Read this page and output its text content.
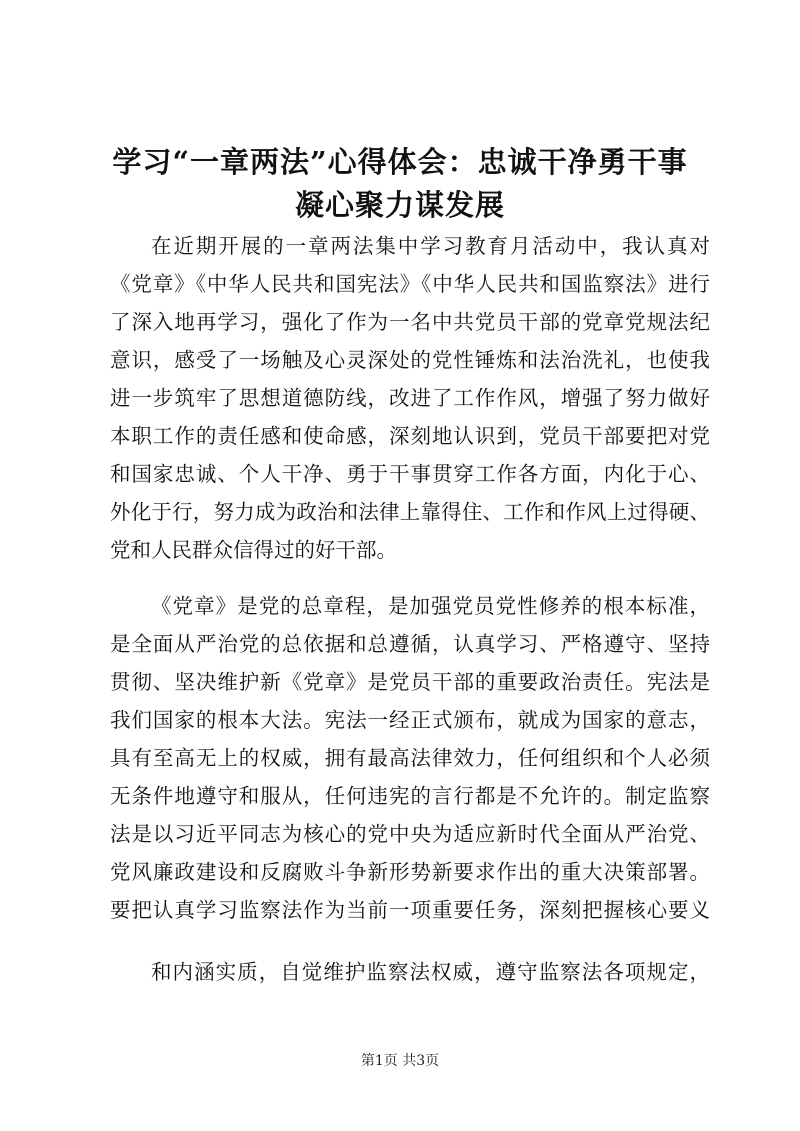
学习“一章两法”心得体会：忠诚干净勇干事
凝心聚力谋发展
在近期开展的一章两法集中学习教育月活动中，我认真对
《党章》《中华人民共和国宪法》《中华人民共和国监察法》进行
了深入地再学习，强化了作为一名中共党员干部的党章党规法纪
意识，感受了一场触及心灵深处的党性锤炼和法治洗礼，也使我
进一步筑牢了思想道德防线，改进了工作作风，增强了努力做好
本职工作的责任感和使命感，深刻地认识到，党员干部要把对党
和国家忠诚、个人干净、勇于干事贯穿工作各方面，内化于心、
外化于行，努力成为政治和法律上靠得住、工作和作风上过得硬、
党和人民群众信得过的好干部。
《党章》是党的总章程，是加强党员党性修养的根本标准，
是全面从严治党的总依据和总遵循，认真学习、严格遵守、坚持
贯彻、坚决维护新《党章》是党员干部的重要政治责任。宪法是
我们国家的根本大法。宪法一经正式颁布，就成为国家的意志，
具有至高无上的权威，拥有最高法律效力，任何组织和个人必须
无条件地遵守和服从，任何违宪的言行都是不允许的。制定监察
法是以习近平同志为核心的党中央为适应新时代全面从严治党、
党风廉政建设和反腐败斗争新形势新要求作出的重大决策部署。
要把认真学习监察法作为当前一项重要任务，深刻把握核心要义
和内涵实质，自觉维护监察法权威，遵守监察法各项规定，
第1页 共3页
